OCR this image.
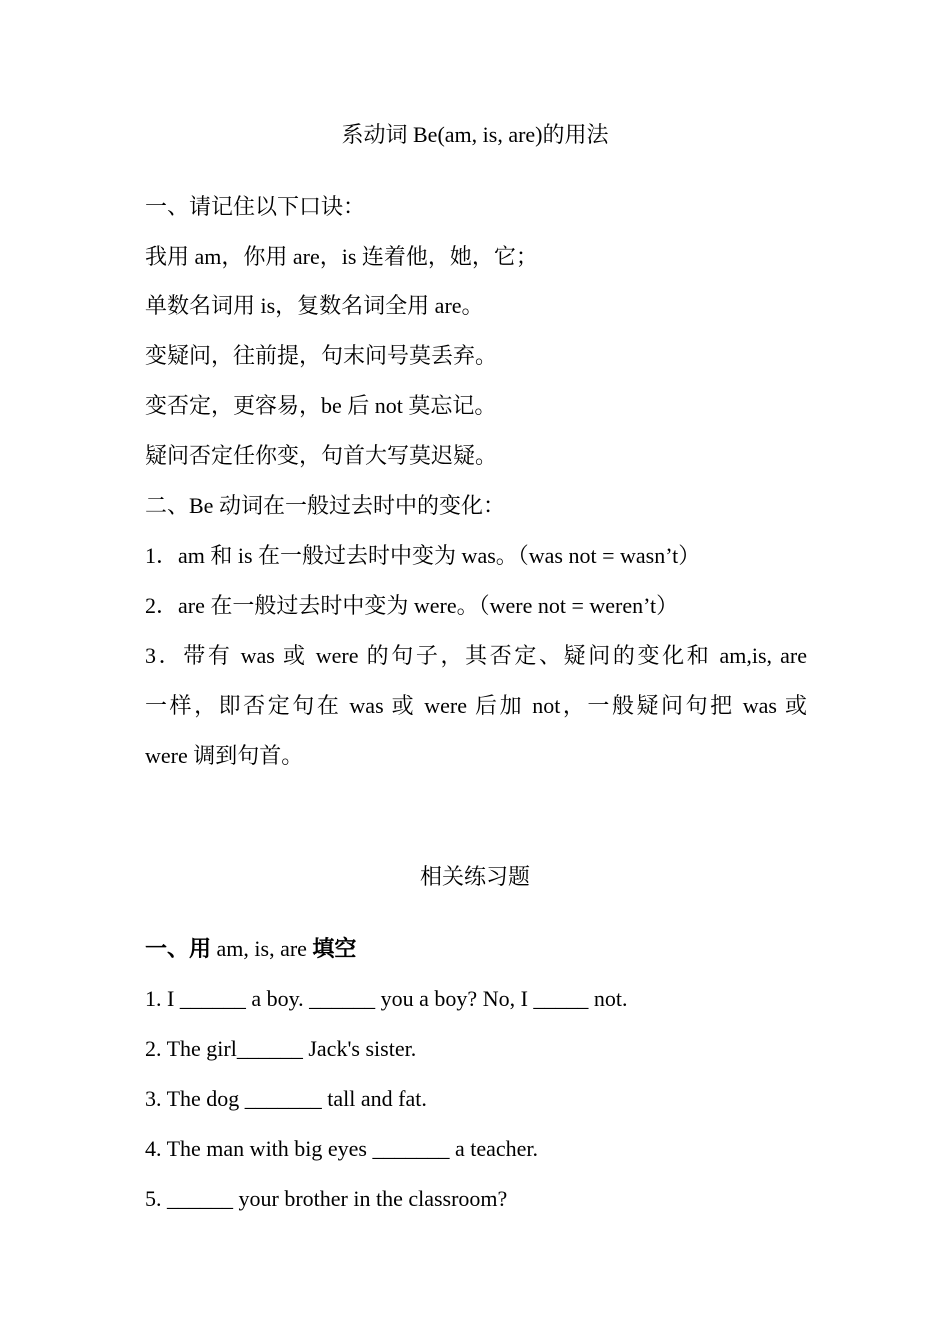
系动词 Be(am, is, are)的用法
一、请记住以下口诀：
我用 am，你用 are，is 连着他，她，它；
单数名词用 is，复数名词全用 are。
变疑问，往前提，句末问号莫丢弃。
变否定，更容易，be 后 not 莫忘记。
疑问否定任你变，句首大写莫迟疑。
二、Be 动词在一般过去时中的变化：
1．am 和 is 在一般过去时中变为 was。（was not = wasn’t）
2．are 在一般过去时中变为 were。（were not = weren’t）
3．带有 was 或 were 的句子，其否定、疑问的变化和 am,is, are
一样，即否定句在 was 或 were 后加 not，一般疑问句把 was 或
were 调到句首。
相关练习题
一、用 am, is, are 填空
1. I ______ a boy. ______ you a boy? No, I _____ not.
2. The girl______ Jack's sister.
3. The dog _______ tall and fat.
4. The man with big eyes _______ a teacher.
5. ______ your brother in the classroom?
